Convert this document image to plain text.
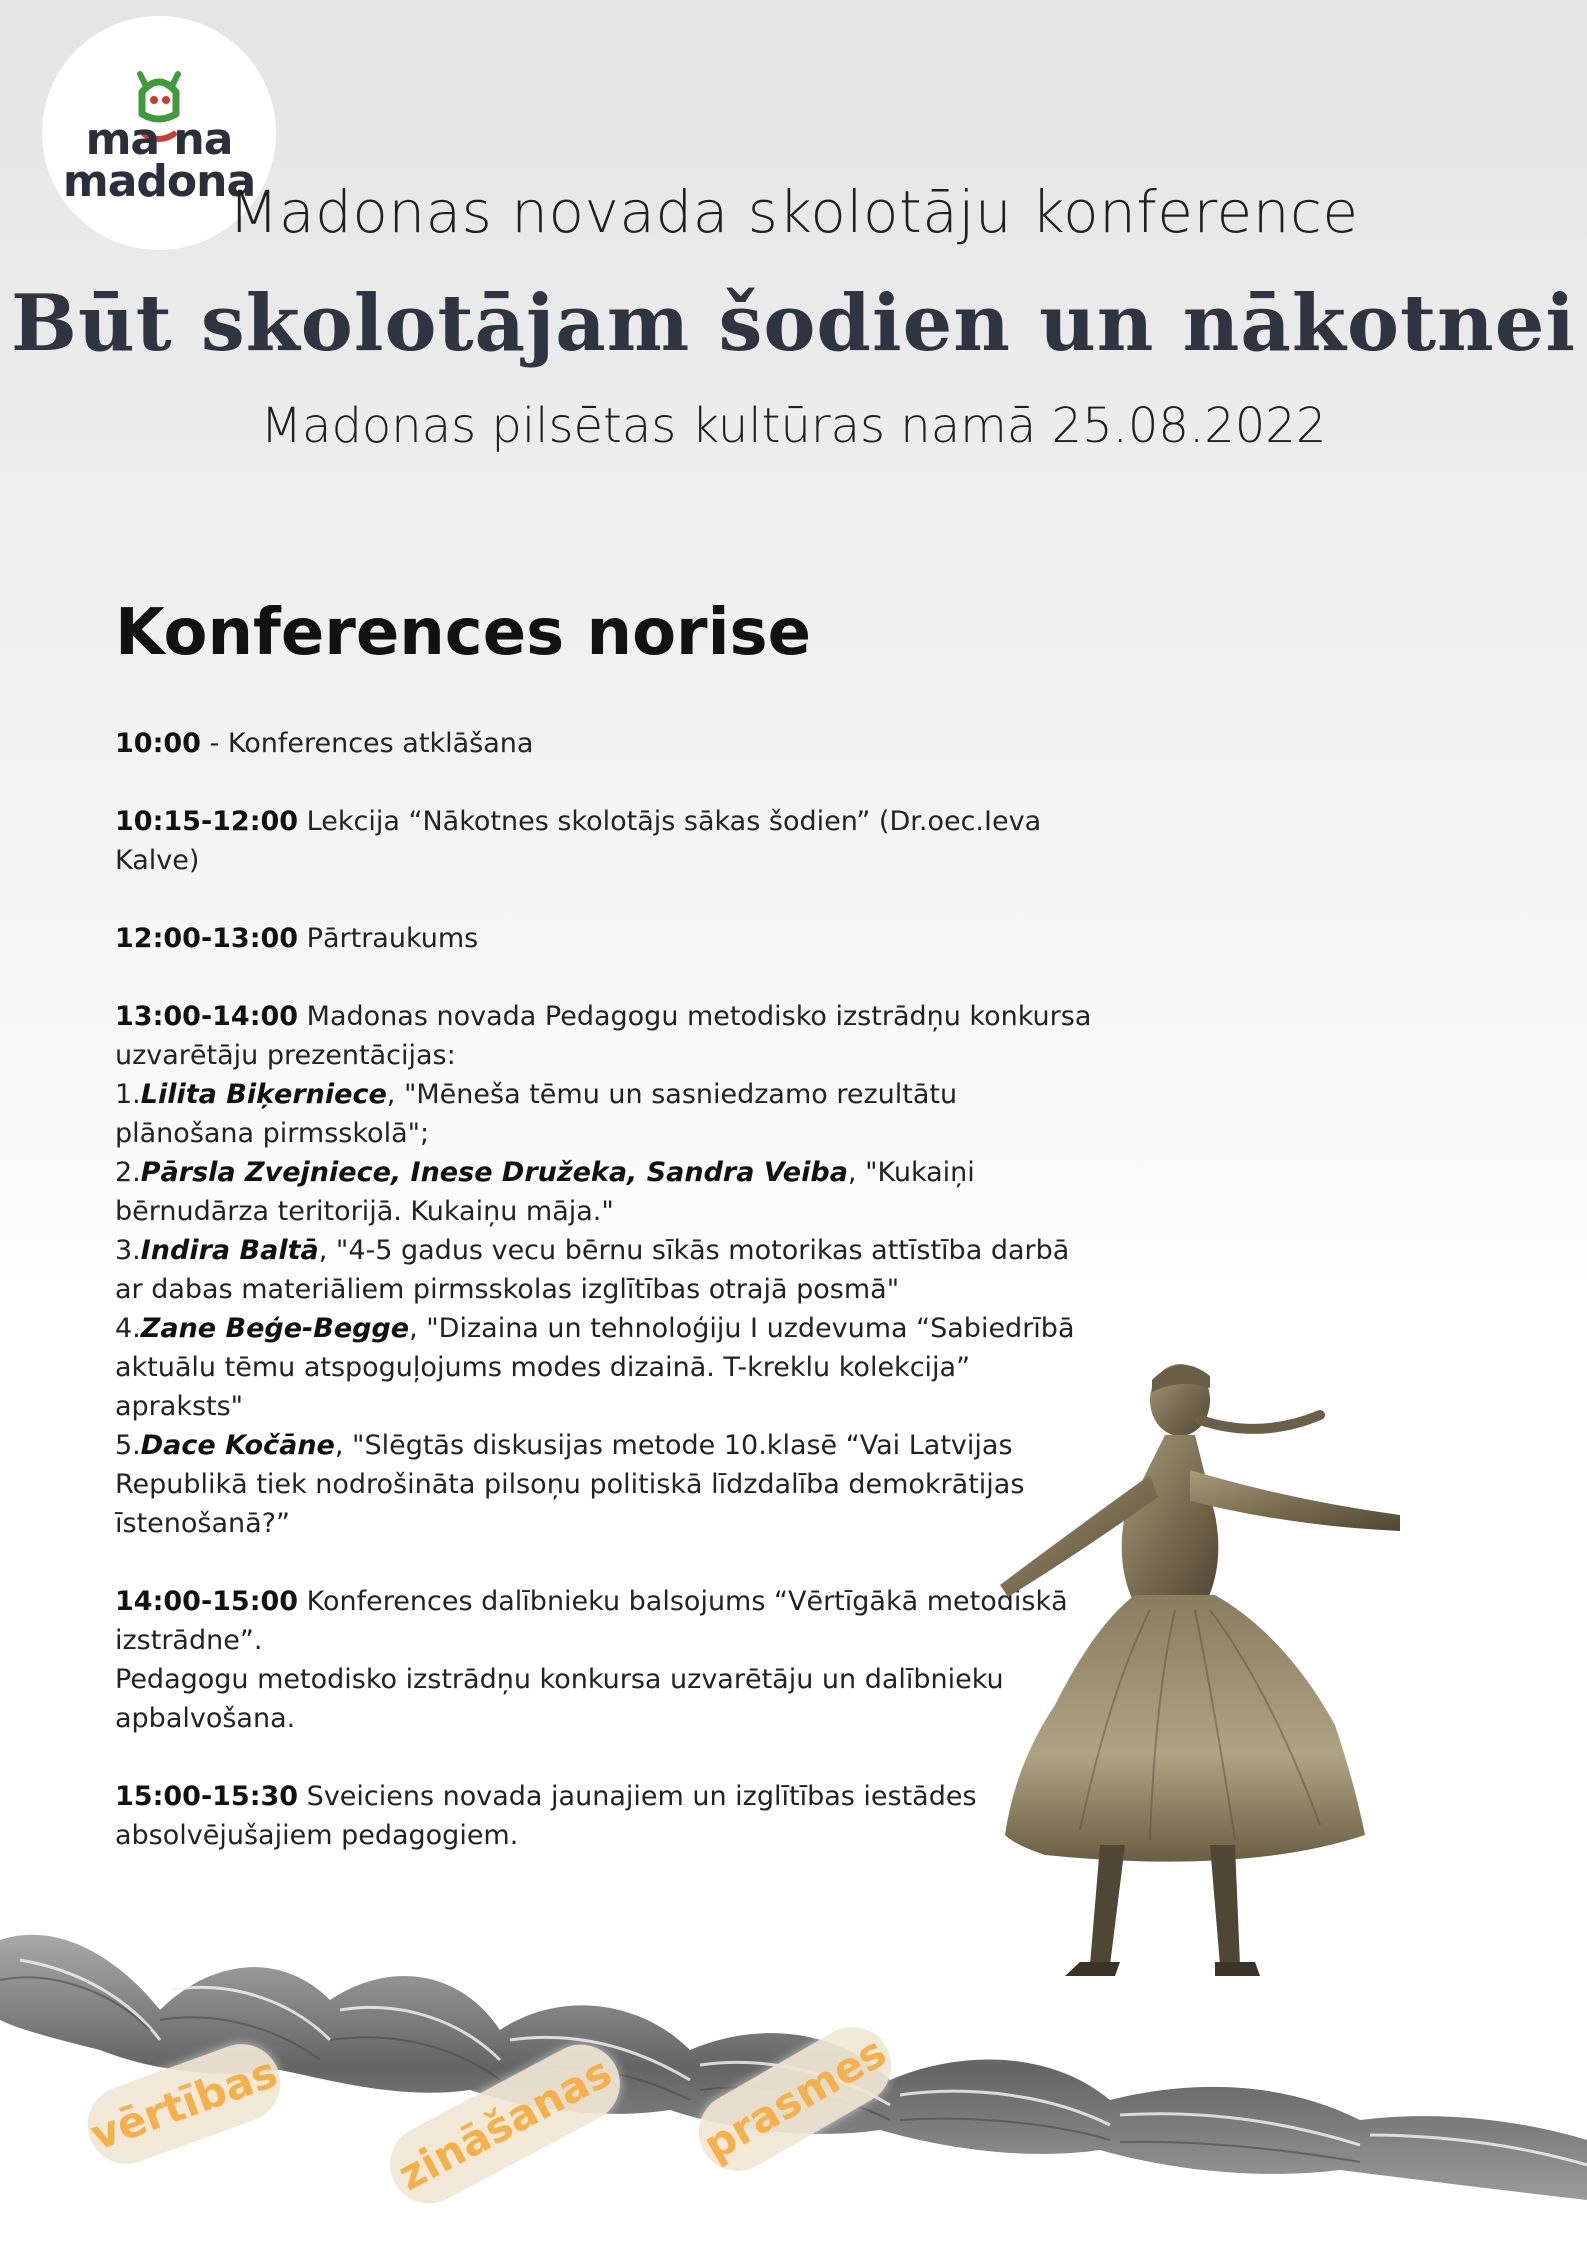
ma na
madona
Madonas novada skolotāju konference
Būt skolotājam šodien un nākotnei
Madonas pilsētas kultūras namā 25.08.2022
Konferences norise

10:00 - Konferences atklāšana

10:15-12:00 Lekcija “Nākotnes skolotājs sākas šodien” (Dr.oec.Ieva Kalve)

12:00-13:00 Pārtraukums

13:00-14:00 Madonas novada Pedagogu metodisko izstrādņu konkursa uzvarētāju prezentācijas:
1.Lilita Biķerniece, "Mēneša tēmu un sasniedzamo rezultātu plānošana pirmsskolā";
2.Pārsla Zvejniece, Inese Družeka, Sandra Veiba, "Kukaiņi bērnudārza teritorijā. Kukaiņu māja."
3.Indira Baltā, "4-5 gadus vecu bērnu sīkās motorikas attīstība darbā ar dabas materiāliem pirmsskolas izglītības otrajā posmā"
4.Zane Beģe-Begge, "Dizaina un tehnoloģiju I uzdevuma “Sabiedrībā aktuālu tēmu atspoguļojums modes dizainā. T-kreklu kolekcija” apraksts"
5.Dace Kočāne, "Slēgtās diskusijas metode 10.klasē “Vai Latvijas Republikā tiek nodrošināta pilsoņu politiskā līdzdalība demokrātijas īstenošanā?”

14:00-15:00 Konferences dalībnieku balsojums “Vērtīgākā metodiskā izstrādne”.
Pedagogu metodisko izstrādņu konkursa uzvarētāju un dalībnieku apbalvošana.

15:00-15:30 Sveiciens novada jaunajiem un izglītības iestādes absolvējušajiem pedagogiem.

vērtības	zināšanas	prasmes
